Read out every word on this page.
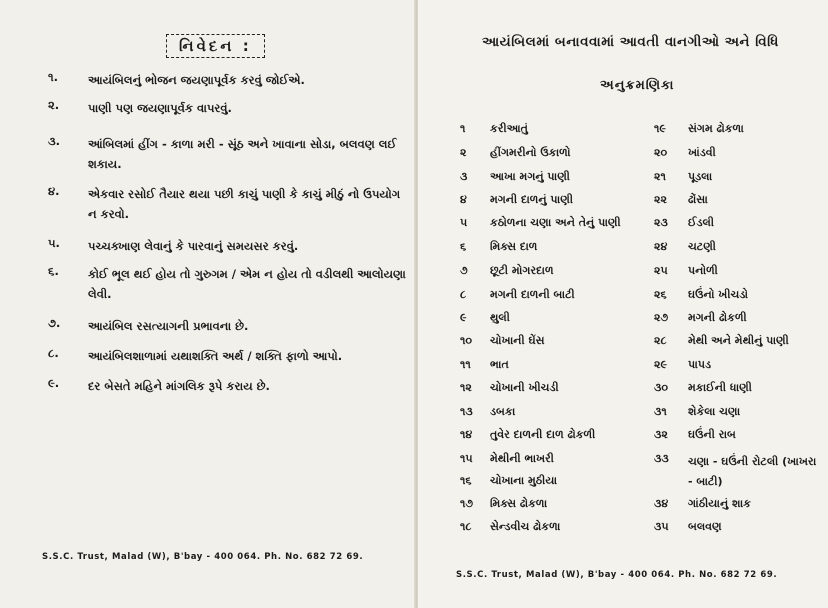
નિવેદન :
૧.	આયંબિલનું ભોજન જયણાપૂર્વક કરવું જોઈએ.
૨.	પાણી પણ જયણાપૂર્વક વાપરવું.
૩.	આંબિલમાં હીંગ - કાળા મરી - સૂંઠ અને ખાવાના સોડા, બલવણ લઈ શકાય.
૪.	એકવાર રસોઈ તૈયાર થયા પછી કાચું પાણી કે કાચું મીઠું નો ઉપયોગ ન કરવો.
૫.	પચ્ચક્ખાણ લેવાનું કે પારવાનું સમયસર કરવું.
૬.	કોઈ ભૂલ થઈ હોય તો ગુરુગમ / એમ ન હોય તો વડીલથી આલોયણા લેવી.
૭.	આયંબિલ રસત્યાગની પ્રભાવના છે.
૮.	આયંબિલશાળામાં યથાશક્તિ અર્થ / શક્તિ ફાળો આપો.
૯.	દર બેસતે મહિને માંગલિક રૂપે કરાય છે.
S.S.C. Trust, Malad (W), B'bay - 400 064. Ph. No. 682 72 69.
આયંબિલમાં બનાવવામાં આવતી વાનગીઓ અને વિધિ
અનુક્રમણિકા
૧	કરીઆતું	૧૯	સંગમ ઢોકળા
૨	હીંગમરીનો ઉકાળો	૨૦	ખાંડવી
૩	આખા મગનું પાણી	૨૧	પૂડલા
૪	મગની દાળનું પાણી	૨૨	ઢોંસા
૫	કઠોળના ચણા અને તેનું પાણી	૨૩	ઈડલી
૬	મિક્સ દાળ	૨૪	ચટણી
૭	છૂટી મોગરદાળ	૨૫	પનોળી
૮	મગની દાળની બાટી	૨૬	ઘઉંનો ખીચડો
૯	થુલી	૨૭	મગની ઢોકળી
૧૦	ચોખાની ઘેંસ	૨૮	મેથી અને મેથીનું પાણી
૧૧	ભાત	૨૯	પાપડ
૧૨	ચોખાની ખીચડી	૩૦	મકાઈની ધાણી
૧૩	ડબકા	૩૧	શેકેલા ચણા
૧૪	તુવેર દાળની દાળ ઢોકળી	૩૨	ઘઉંની રાબ
૧૫	મેથીની ભાખરી	૩૩	ચણા - ઘઉંની રોટલી (ખાખરા - બાટી)
૧૬	ચોખાના મુઠીયા
૧૭	મિક્સ ઢોકળા	૩૪	ગાંઠીયાનું શાક
૧૮	સેન્ડવીચ ઢોકળા	૩૫	બલવણ
S.S.C. Trust, Malad (W), B'bay - 400 064. Ph. No. 682 72 69.
